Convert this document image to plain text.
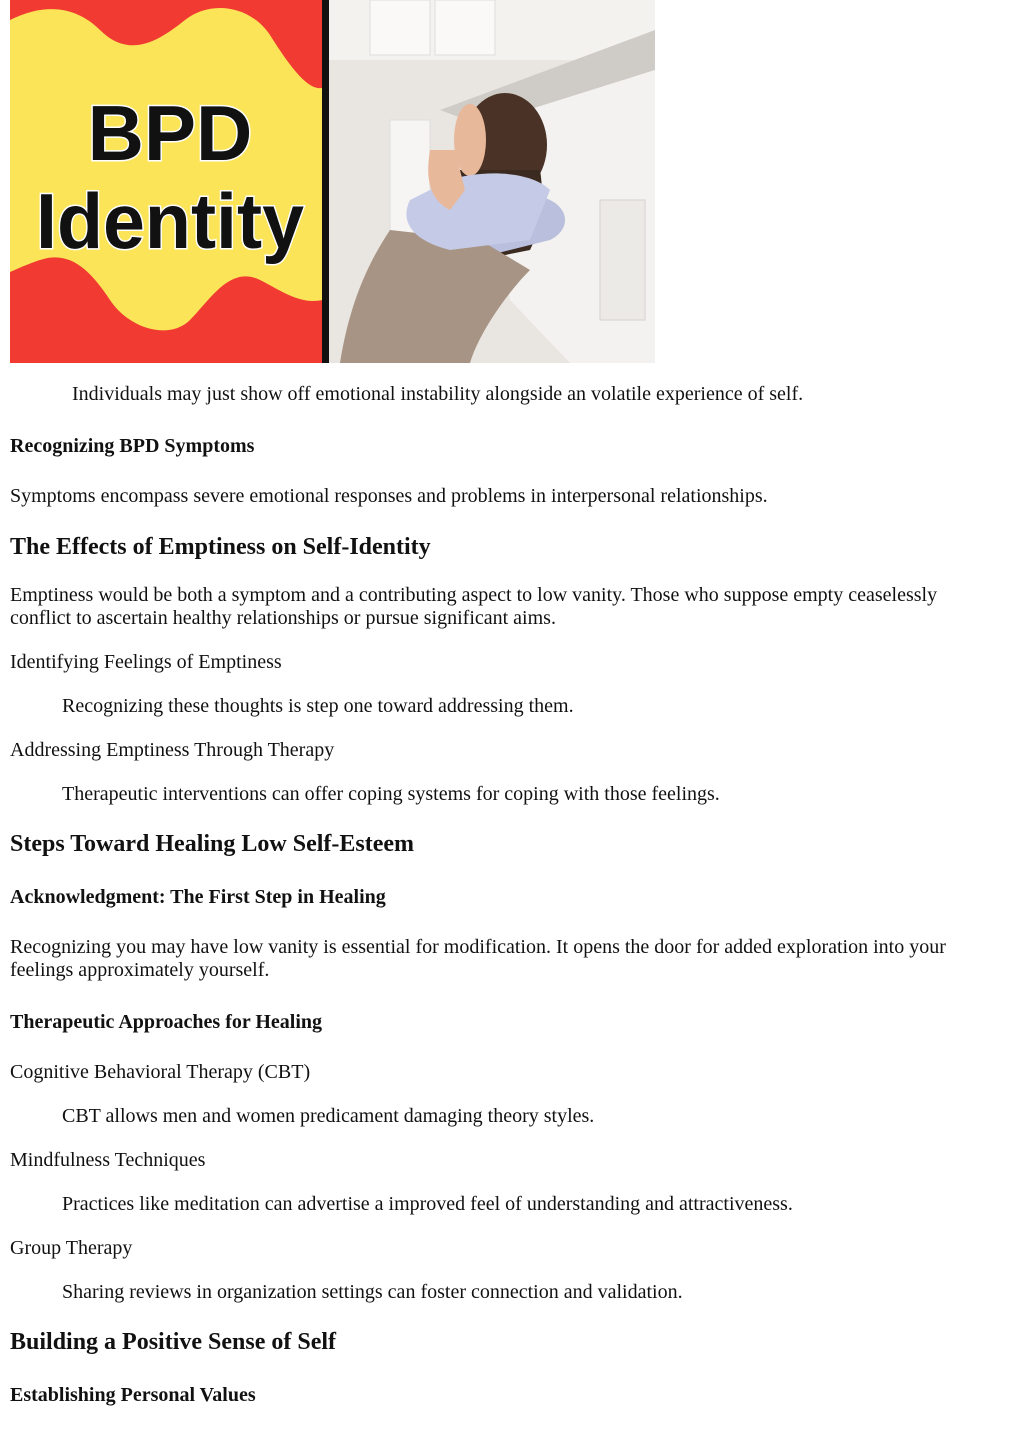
BPD
Identity

Individuals may just show off emotional instability alongside an volatile experience of self.

Recognizing BPD Symptoms

Symptoms encompass severe emotional responses and problems in interpersonal relationships.

The Effects of Emptiness on Self-Identity

Emptiness would be both a symptom and a contributing aspect to low vanity. Those who suppose empty ceaselessly conflict to ascertain healthy relationships or pursue significant aims.

Identifying Feelings of Emptiness

Recognizing these thoughts is step one toward addressing them.

Addressing Emptiness Through Therapy

Therapeutic interventions can offer coping systems for coping with those feelings.

Steps Toward Healing Low Self-Esteem
Acknowledgment: The First Step in Healing

Recognizing you may have low vanity is essential for modification. It opens the door for added exploration into your feelings approximately yourself.

Therapeutic Approaches for Healing

Cognitive Behavioral Therapy (CBT)

CBT allows men and women predicament damaging theory styles.

Mindfulness Techniques

Practices like meditation can advertise a improved feel of understanding and attractiveness.

Group Therapy

Sharing reviews in organization settings can foster connection and validation.

Building a Positive Sense of Self
Establishing Personal Values
